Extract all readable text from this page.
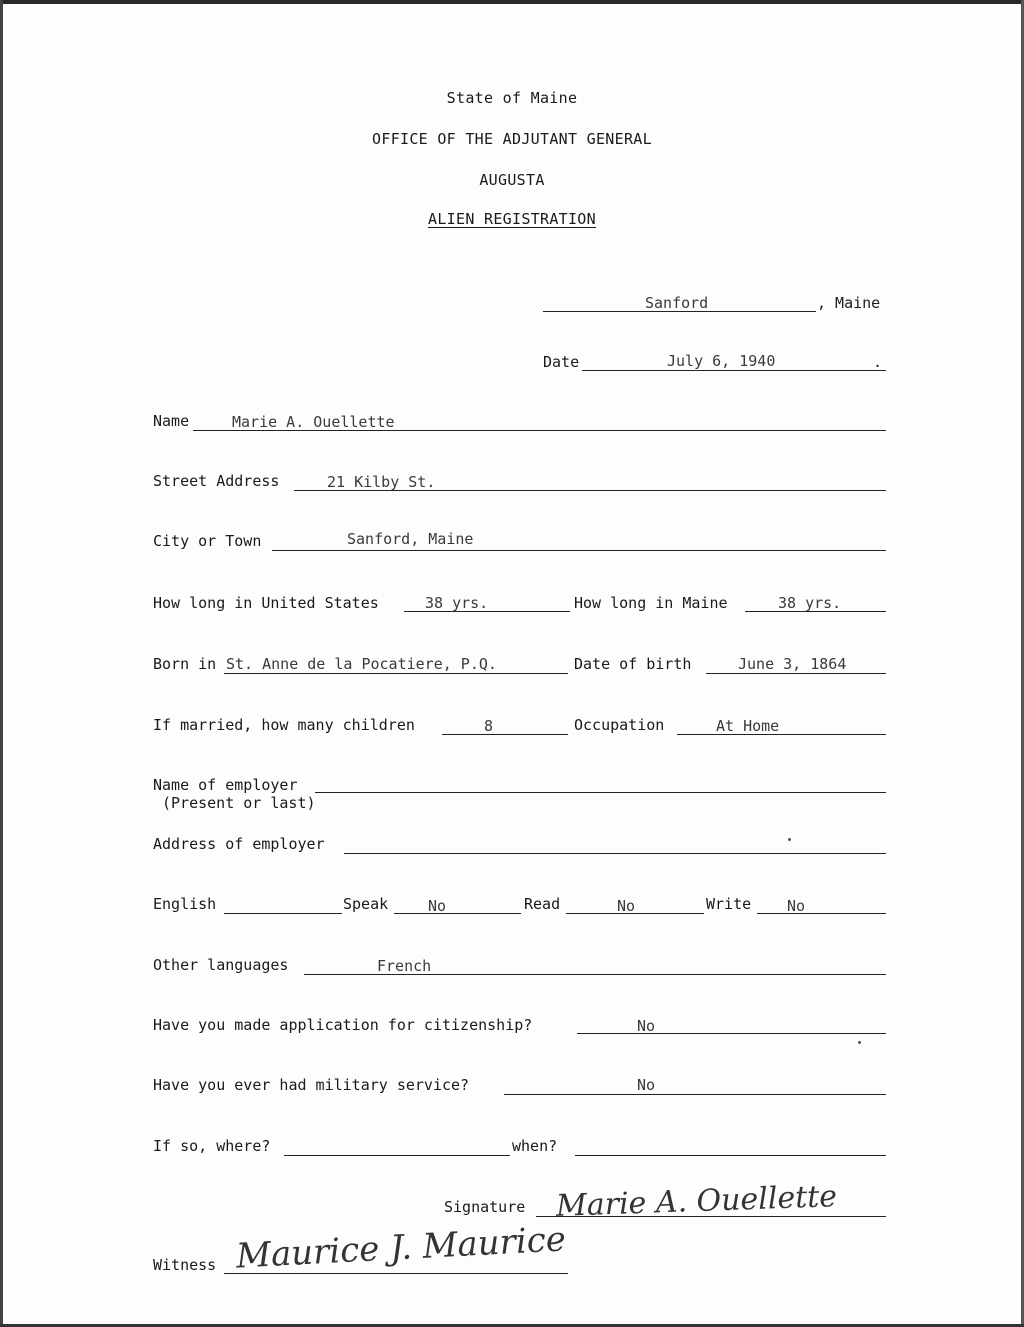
State of Maine
OFFICE OF THE ADJUTANT GENERAL
AUGUSTA
ALIEN REGISTRATION
Sanford	, Maine
Date	July 6, 1940	.
Name	Marie A. Ouellette
Street Address	21 Kilby St.
City or Town	Sanford, Maine
How long in United States	38 yrs.	How long in Maine	38 yrs.
Born in St. Anne de la Pocatiere, P.Q.	Date of birth	June 3, 1864
If married, how many children	8	Occupation	At Home
Name of employer
(Present or last)
Address of employer
English	Speak	No	Read	No	Write No
Other languages	French
Have you made application for citizenship?	No
Have you ever had military service?	No
If so, where?	when?
Signature Marie A. Ouellette
Witness Maurice J. Maurice
